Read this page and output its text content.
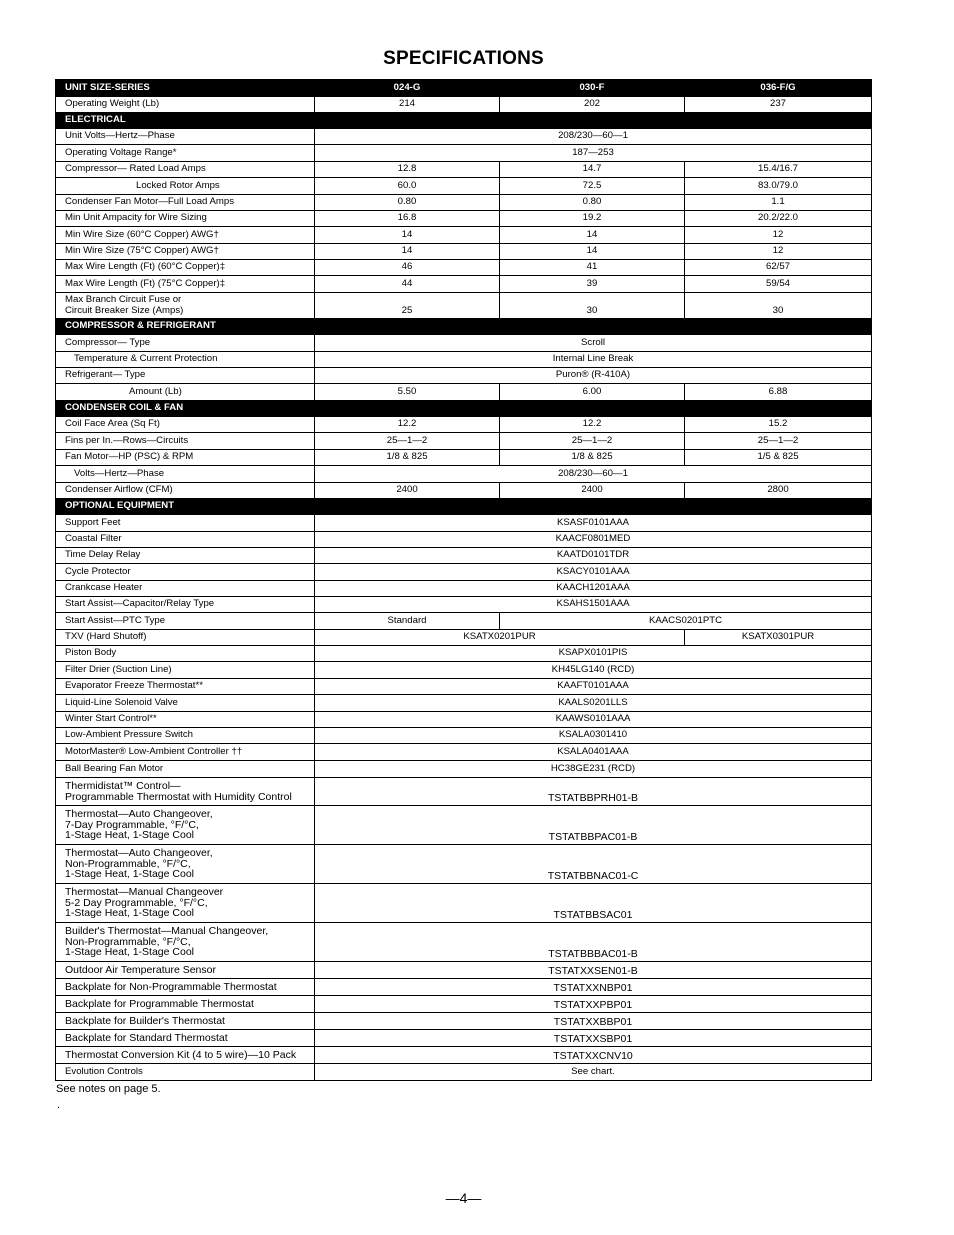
SPECIFICATIONS
UNIT SIZE-SERIES	024-G	030-F	036-F/G
Operating Weight (Lb)	214	202	237
ELECTRICAL			
Unit Volts—Hertz—Phase	208/230—60—1		
Operating Voltage Range*	187—253		
Compressor— Rated Load Amps	12.8	14.7	15.4/16.7
Locked Rotor Amps	60.0	72.5	83.0/79.0
Condenser Fan Motor—Full Load Amps	0.80	0.80	1.1
Min Unit Ampacity for Wire Sizing	16.8	19.2	20.2/22.0
Min Wire Size (60°C Copper) AWG†	14	14	12
Min Wire Size (75°C Copper) AWG†	14	14	12
Max Wire Length (Ft) (60°C Copper)‡	46	41	62/57
Max Wire Length (Ft) (75°C Copper)‡	44	39	59/54
Max Branch Circuit Fuse or
Circuit Breaker Size (Amps)	25	30	30
COMPRESSOR & REFRIGERANT			
Compressor— Type	Scroll		
Temperature & Current Protection	Internal Line Break		
Refrigerant— Type	Puron® (R-410A)		
Amount (Lb)	5.50	6.00	6.88
CONDENSER COIL & FAN			
Coil Face Area (Sq Ft)	12.2	12.2	15.2
Fins per In.—Rows—Circuits	25—1—2	25—1—2	25—1—2
Fan Motor—HP (PSC) & RPM	1/8 & 825	1/8 & 825	1/5 & 825
Volts—Hertz—Phase	208/230—60—1		
Condenser Airflow (CFM)	2400	2400	2800
OPTIONAL EQUIPMENT			
Support Feet	KSASF0101AAA		
Coastal Filter	KAACF0801MED		
Time Delay Relay	KAATD0101TDR		
Cycle Protector	KSACY0101AAA		
Crankcase Heater	KAACH1201AAA		
Start Assist—Capacitor/Relay Type	KSAHS1501AAA		
Start Assist—PTC Type	Standard	KAACS0201PTC	
TXV (Hard Shutoff)	KSATX0201PUR		KSATX0301PUR
Piston Body	KSAPX0101PIS		
Filter Drier (Suction Line)	KH45LG140 (RCD)		
Evaporator Freeze Thermostat**	KAAFT0101AAA		
Liquid-Line Solenoid Valve	KAALS0201LLS		
Winter Start Control**	KAAWS0101AAA		
Low-Ambient Pressure Switch	KSALA0301410		
MotorMaster® Low-Ambient Controller ††	KSALA0401AAA		
Ball Bearing Fan Motor	HC38GE231 (RCD)		
Thermidistat™ Control—
Programmable Thermostat with Humidity Control	TSTATBBPRH01-B		
Thermostat—Auto Changeover,
7-Day Programmable, °F/°C,
1-Stage Heat, 1-Stage Cool	TSTATBBPAC01-B		
Thermostat—Auto Changeover,
Non-Programmable, °F/°C,
1-Stage Heat, 1-Stage Cool	TSTATBBNAC01-C		
Thermostat—Manual Changeover
5-2 Day Programmable, °F/°C,
1-Stage Heat, 1-Stage Cool	TSTATBBSAC01		
Builder's Thermostat—Manual Changeover,
Non-Programmable, °F/°C,
1-Stage Heat, 1-Stage Cool	TSTATBBBAC01-B		
Outdoor Air Temperature Sensor	TSTATXXSEN01-B		
Backplate for Non-Programmable Thermostat	TSTATXXNBP01		
Backplate for Programmable Thermostat	TSTATXXPBP01		
Backplate for Builder's Thermostat	TSTATXXBBP01		
Backplate for Standard Thermostat	TSTATXXSBP01		
Thermostat Conversion Kit (4 to 5 wire)—10 Pack	TSTATXXCNV10		
Evolution Controls	See chart.		
See notes on page 5.
.
—4—
